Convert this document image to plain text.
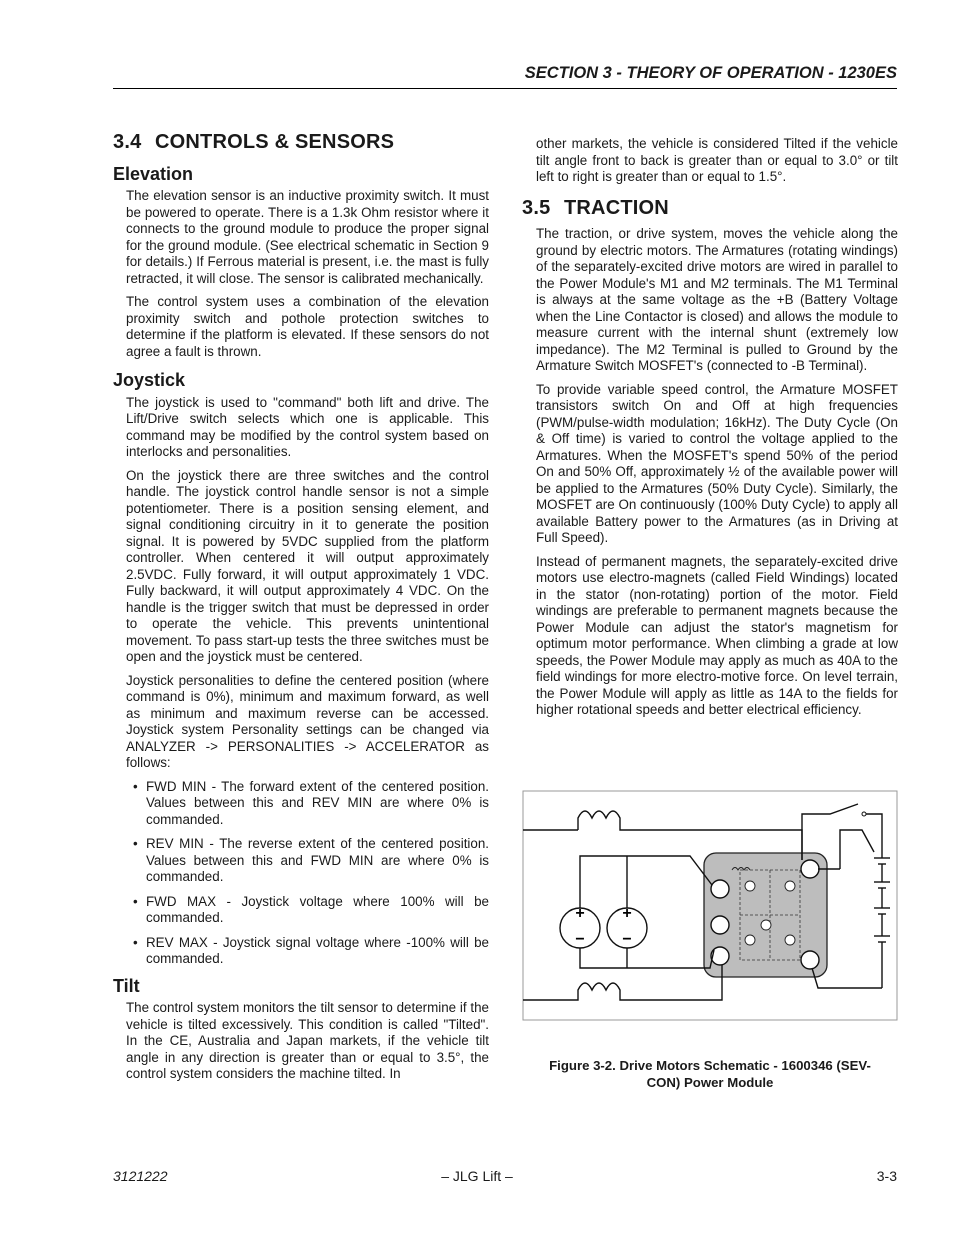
SECTION 3 - THEORY OF OPERATION - 1230ES
3.4 CONTROLS & SENSORS
Elevation

The elevation sensor is an inductive proximity switch. It must be powered to operate. There is a 1.3k Ohm resistor where it connects to the ground module to produce the proper signal for the ground module. (See electrical schematic in Section 9 for details.) If Ferrous material is present, i.e. the mast is fully retracted, it will close. The sensor is calibrated mechanically.

The control system uses a combination of the elevation proximity switch and pothole protection switches to determine if the platform is elevated. If these sensors do not agree a fault is thrown.

Joystick

The joystick is used to "command" both lift and drive. The Lift/Drive switch selects which one is applicable. This command may be modified by the control system based on interlocks and personalities.

On the joystick there are three switches and the control handle. The joystick control handle sensor is not a simple potentiometer. There is a position sensing element, and signal conditioning circuitry in it to generate the position signal. It is powered by 5VDC supplied from the platform controller. When centered it will output approximately 2.5VDC. Fully forward, it will output approximately 1 VDC. Fully backward, it will output approximately 4 VDC. On the handle is the trigger switch that must be depressed in order to operate the vehicle. This prevents unintentional movement. To pass start-up tests the three switches must be open and the joystick must be centered.

Joystick personalities to define the centered position (where command is 0%), minimum and maximum forward, as well as minimum and maximum reverse can be accessed. Joystick system Personality settings can be changed via ANALYZER -> PERSONALITIES -> ACCELERATOR as follows:

• FWD MIN - The forward extent of the centered position. Values between this and REV MIN are where 0% is commanded.
• REV MIN - The reverse extent of the centered position. Values between this and FWD MIN are where 0% is commanded.
• FWD MAX - Joystick voltage where 100% will be commanded.
• REV MAX - Joystick signal voltage where -100% will be commanded.
Tilt

The control system monitors the tilt sensor to determine if the vehicle is tilted excessively. This condition is called "Tilted". In the CE, Australia and Japan markets, if the vehicle tilt angle in any direction is greater than or equal to 3.5°, the control system considers the machine tilted. In

other markets, the vehicle is considered Tilted if the vehicle tilt angle front to back is greater than or equal to 3.0° or tilt left to right is greater than or equal to 1.5°.

3.5 TRACTION

The traction, or drive system, moves the vehicle along the ground by electric motors. The Armatures (rotating windings) of the separately-excited drive motors are wired in parallel to the Power Module's M1 and M2 terminals. The M1 Terminal is always at the same voltage as the +B (Battery Voltage when the Line Contactor is closed) and allows the module to measure current with the internal shunt (extremely low impedance). The M2 Terminal is pulled to Ground by the Armature Switch MOSFET's (connected to -B Terminal).

To provide variable speed control, the Armature MOSFET transistors switch On and Off at high frequencies (PWM/pulse-width modulation; 16kHz). The Duty Cycle (On & Off time) is varied to control the voltage applied to the Armatures. When the MOSFET's spend 50% of the period On and 50% Off, approximately ½ of the available power will be applied to the Armatures (50% Duty Cycle). Similarly, the MOSFET are On continuously (100% Duty Cycle) to apply all available Battery power to the Armatures (as in Driving at Full Speed).

Instead of permanent magnets, the separately-excited drive motors use electro-magnets (called Field Windings) located in the stator (non-rotating) portion of the motor. Field windings are preferable to permanent magnets because the Power Module can adjust the stator's magnetism for optimum motor performance. When climbing a grade at low speeds, the Power Module may apply as much as 40A to the field windings for more electro-motive force. On level terrain, the Power Module will apply as little as 14A to the fields for higher rotational speeds and better electrical efficiency.

+
−
+
−
Figure 3-2. Drive Motors Schematic - 1600346 (SEV-
CON) Power Module
3121222	– JLG Lift –	3-3
